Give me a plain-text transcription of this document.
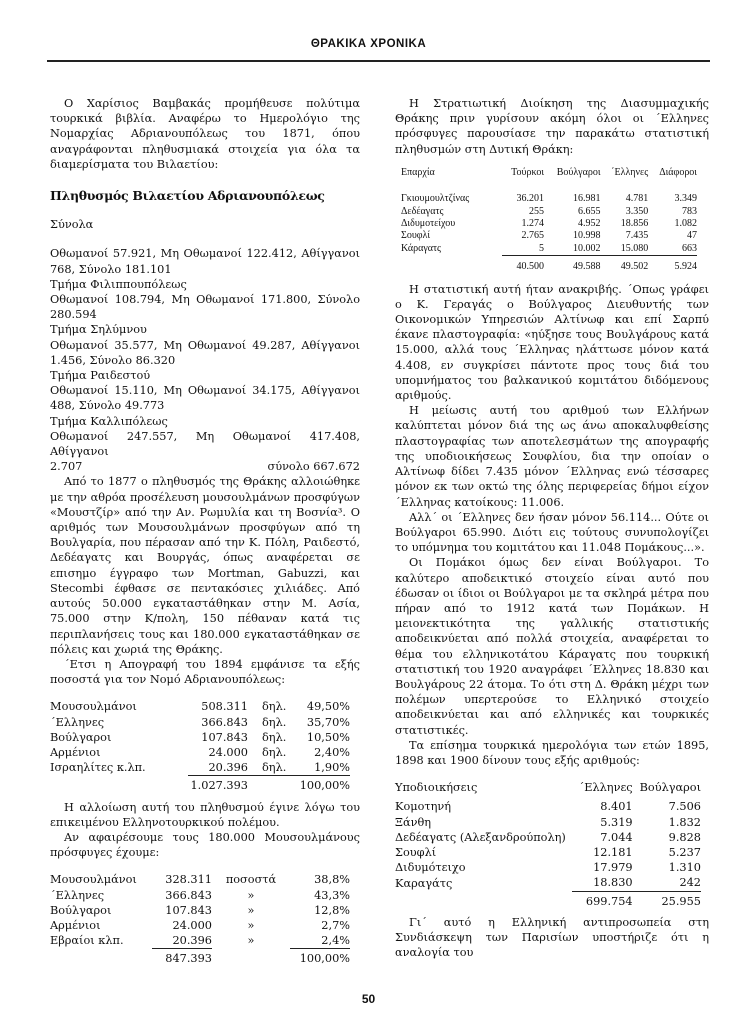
ΘΡΑΚΙΚΑ ΧΡΟΝΙΚΑ

Ο Χαρίσιος Βαμβακάς προμήθευσε πολύτιμα τουρκικά βιβλία. Αναφέρω το Ημερολόγιο της Νομαρχίας Αδριανουπόλεως του 1871, όπου αναγράφονται πληθυσμιακά στοιχεία για όλα τα διαμερίσματα του Βιλαετίου:

Πληθυσμός Βιλαετίου Αδριανουπόλεως
Σύνολα

Οθωμανοί 57.921, Μη Οθωμανοί 122.412, Αθίγγανοι 768, Σύνολο 181.101

Τμήμα Φιλιππουπόλεως

Οθωμανοί 108.794, Μη Οθωμανοί 171.800, Σύνολο 280.594

Τμήμα Σηλύμνου

Οθωμανοί 35.577, Μη Οθωμανοί 49.287, Αθίγγανοι 1.456, Σύνολο 86.320

Τμήμα Ραιδεστού

Οθωμανοί 15.110, Μη Οθωμανοί 34.175, Αθίγγανοι 488, Σύνολο 49.773

Τμήμα Καλλιπόλεως

Οθωμανοί 247.557, Μη Οθωμανοί 417.408, Αθίγγανοι

2.707	σύνολο 667.672

Από το 1877 ο πληθυσμός της Θράκης αλλοιώθηκε με την αθρόα προσέλευση μουσουλμάνων προσφύγων «Μουστζίρ» από την Αν. Ρωμυλία και τη Βοσνία³. Ο αριθμός των Μουσουλμάνων προσφύγων από τη Βουλγαρία, που πέρασαν από την Κ. Πόλη, Ραιδεστό, Δεδέαγατς και Βουργάς, όπως αναφέρεται σε επισημο έγγραφο των Mortman, Gabuzzi, και Stecombi έφθασε σε πεντακόσιες χιλιάδες. Από αυτούς 50.000 εγκαταστάθηκαν στην Μ. Ασία, 75.000 στην Κ/πολη, 150 πέθαναν κατά τις περιπλανήσεις τους και 180.000 εγκαταστάθηκαν σε πόλεις και χωριά της Θράκης.

΄Ετσι η Απογραφή του 1894 εμφάνισε τα εξής ποσοστά για τον Νομό Αδριανουπόλεως:

Μουσουλμάνοι	508.311	δηλ.	49,50%
΄Ελληνες	366.843	δηλ.	35,70%
Βούλγαροι	107.843	δηλ.	10,50%
Αρμένιοι	24.000	δηλ.	2,40%
Ισραηλίτες κ.λπ.	20.396	δηλ.	1,90%
	1.027.393		100,00%

Η αλλοίωση αυτή του πληθυσμού έγινε λόγω του επικειμένου Ελληνοτουρκικού πολέμου.

Αν αφαιρέσουμε τους 180.000 Μουσουλμάνους πρόσφυγες έχουμε:

Μουσουλμάνοι	328.311	ποσοστά	38,8%
΄Ελληνες	366.843	»	43,3%
Βούλγαροι	107.843	»	12,8%
Αρμένιοι	24.000	»	2,7%
Εβραίοι κλπ.	20.396	»	2,4%
	847.393		100,00%

Η Στρατιωτική Διοίκηση της Διασυμμαχικής Θράκης πριν γυρίσουν ακόμη όλοι οι ΄Ελληνες πρόσφυγες παρουσίασε την παρακάτω στατιστική πληθυσμών στη Δυτική Θράκη:

Επαρχία	Τούρκοι	Βούλγαροι	΄Ελληνες	Διάφοροι
Γκιουμουλτζίνας	36.201	16.981	4.781	3.349
Δεδέαγατς	255	6.655	3.350	783
Διδυμοτείχου	1.274	4.952	18.856	1.082
Σουφλί	2.765	10.998	7.435	47
Κάραγατς	5	10.002	15.080	663
	40.500	49.588	49.502	5.924

Η στατιστική αυτή ήταν ανακριβής. ΄Οπως γράφει ο Κ. Γεραγάς ο Βούλγαρος Διευθυντής των Οικονομικών Υπηρεσιών Αλτίνωφ και επί Σαρπύ έκανε πλαστογραφία: «ηύξησε τους Βουλγάρους κατά 15.000, αλλά τους ΄Ελληνας ηλάττωσε μόνον κατά 4.408, εν συγκρίσει πάντοτε προς τους διά του υπομνήματος του βαλκανικού κομιτάτου διδόμενους αριθμούς.

Η μείωσις αυτή του αριθμού των Ελλήνων καλύπτεται μόνον διά της ως άνω αποκαλυφθείσης πλαστογραφίας των αποτελεσμάτων της απογραφής της υποδιοικήσεως Σουφλίου, δια την οποίαν ο Αλτίνωφ δίδει 7.435 μόνον ΄Ελληνας ενώ τέσσαρες μόνον εκ των οκτώ της όλης περιφερείας δήμοι είχον ΄Ελληνας κατοίκους: 11.006.

Αλλ΄ οι ΄Ελληνες δεν ήσαν μόνον 56.114... Ούτε οι Βούλγαροι 65.990. Διότι εις τούτους συνυπολογίζει το υπόμνημα του κομιτάτου και 11.048 Πομάκους...».

Οι Πομάκοι όμως δεν είναι Βούλγαροι. Το καλύτερο αποδεικτικό στοιχείο είναι αυτό που έδωσαν οι ίδιοι οι Βούλγαροι με τα σκληρά μέτρα που πήραν από το 1912 κατά των Πομάκων. Η μειονεκτικότητα της γαλλικής στατιστικής αποδεικνύεται από πολλά στοιχεία, αναφέρεται το θέμα του ελληνικοτάτου Κάραγατς που τουρκική στατιστική του 1920 αναγράφει ΄Ελληνες 18.830 και Βουλγάρους 22 άτομα. Το ότι στη Δ. Θράκη μέχρι των πολέμων υπερτερούσε το Ελληνικό στοιχείο αποδεικνύεται και από ελληνικές και τουρκικές στατιστικές.

Τα επίσημα τουρκικά ημερολόγια των ετών 1895, 1898 και 1900 δίνουν τους εξής αριθμούς:

Υποδιοικήσεις	΄Ελληνες	Βούλγαροι
Κομοτηνή	8.401	7.506
Ξάνθη	5.319	1.832
Δεδέαγατς (Αλεξανδρούπολη)	7.044	9.828
Σουφλί	12.181	5.237
Διδυμότειχο	17.979	1.310
Καραγάτς	18.830	242
	699.754	25.955

Γι΄ αυτό η Ελληνική αντιπροσωπεία στη Συνδιάσκεψη των Παρισίων υποστήριζε ότι η αναλογία του

50
